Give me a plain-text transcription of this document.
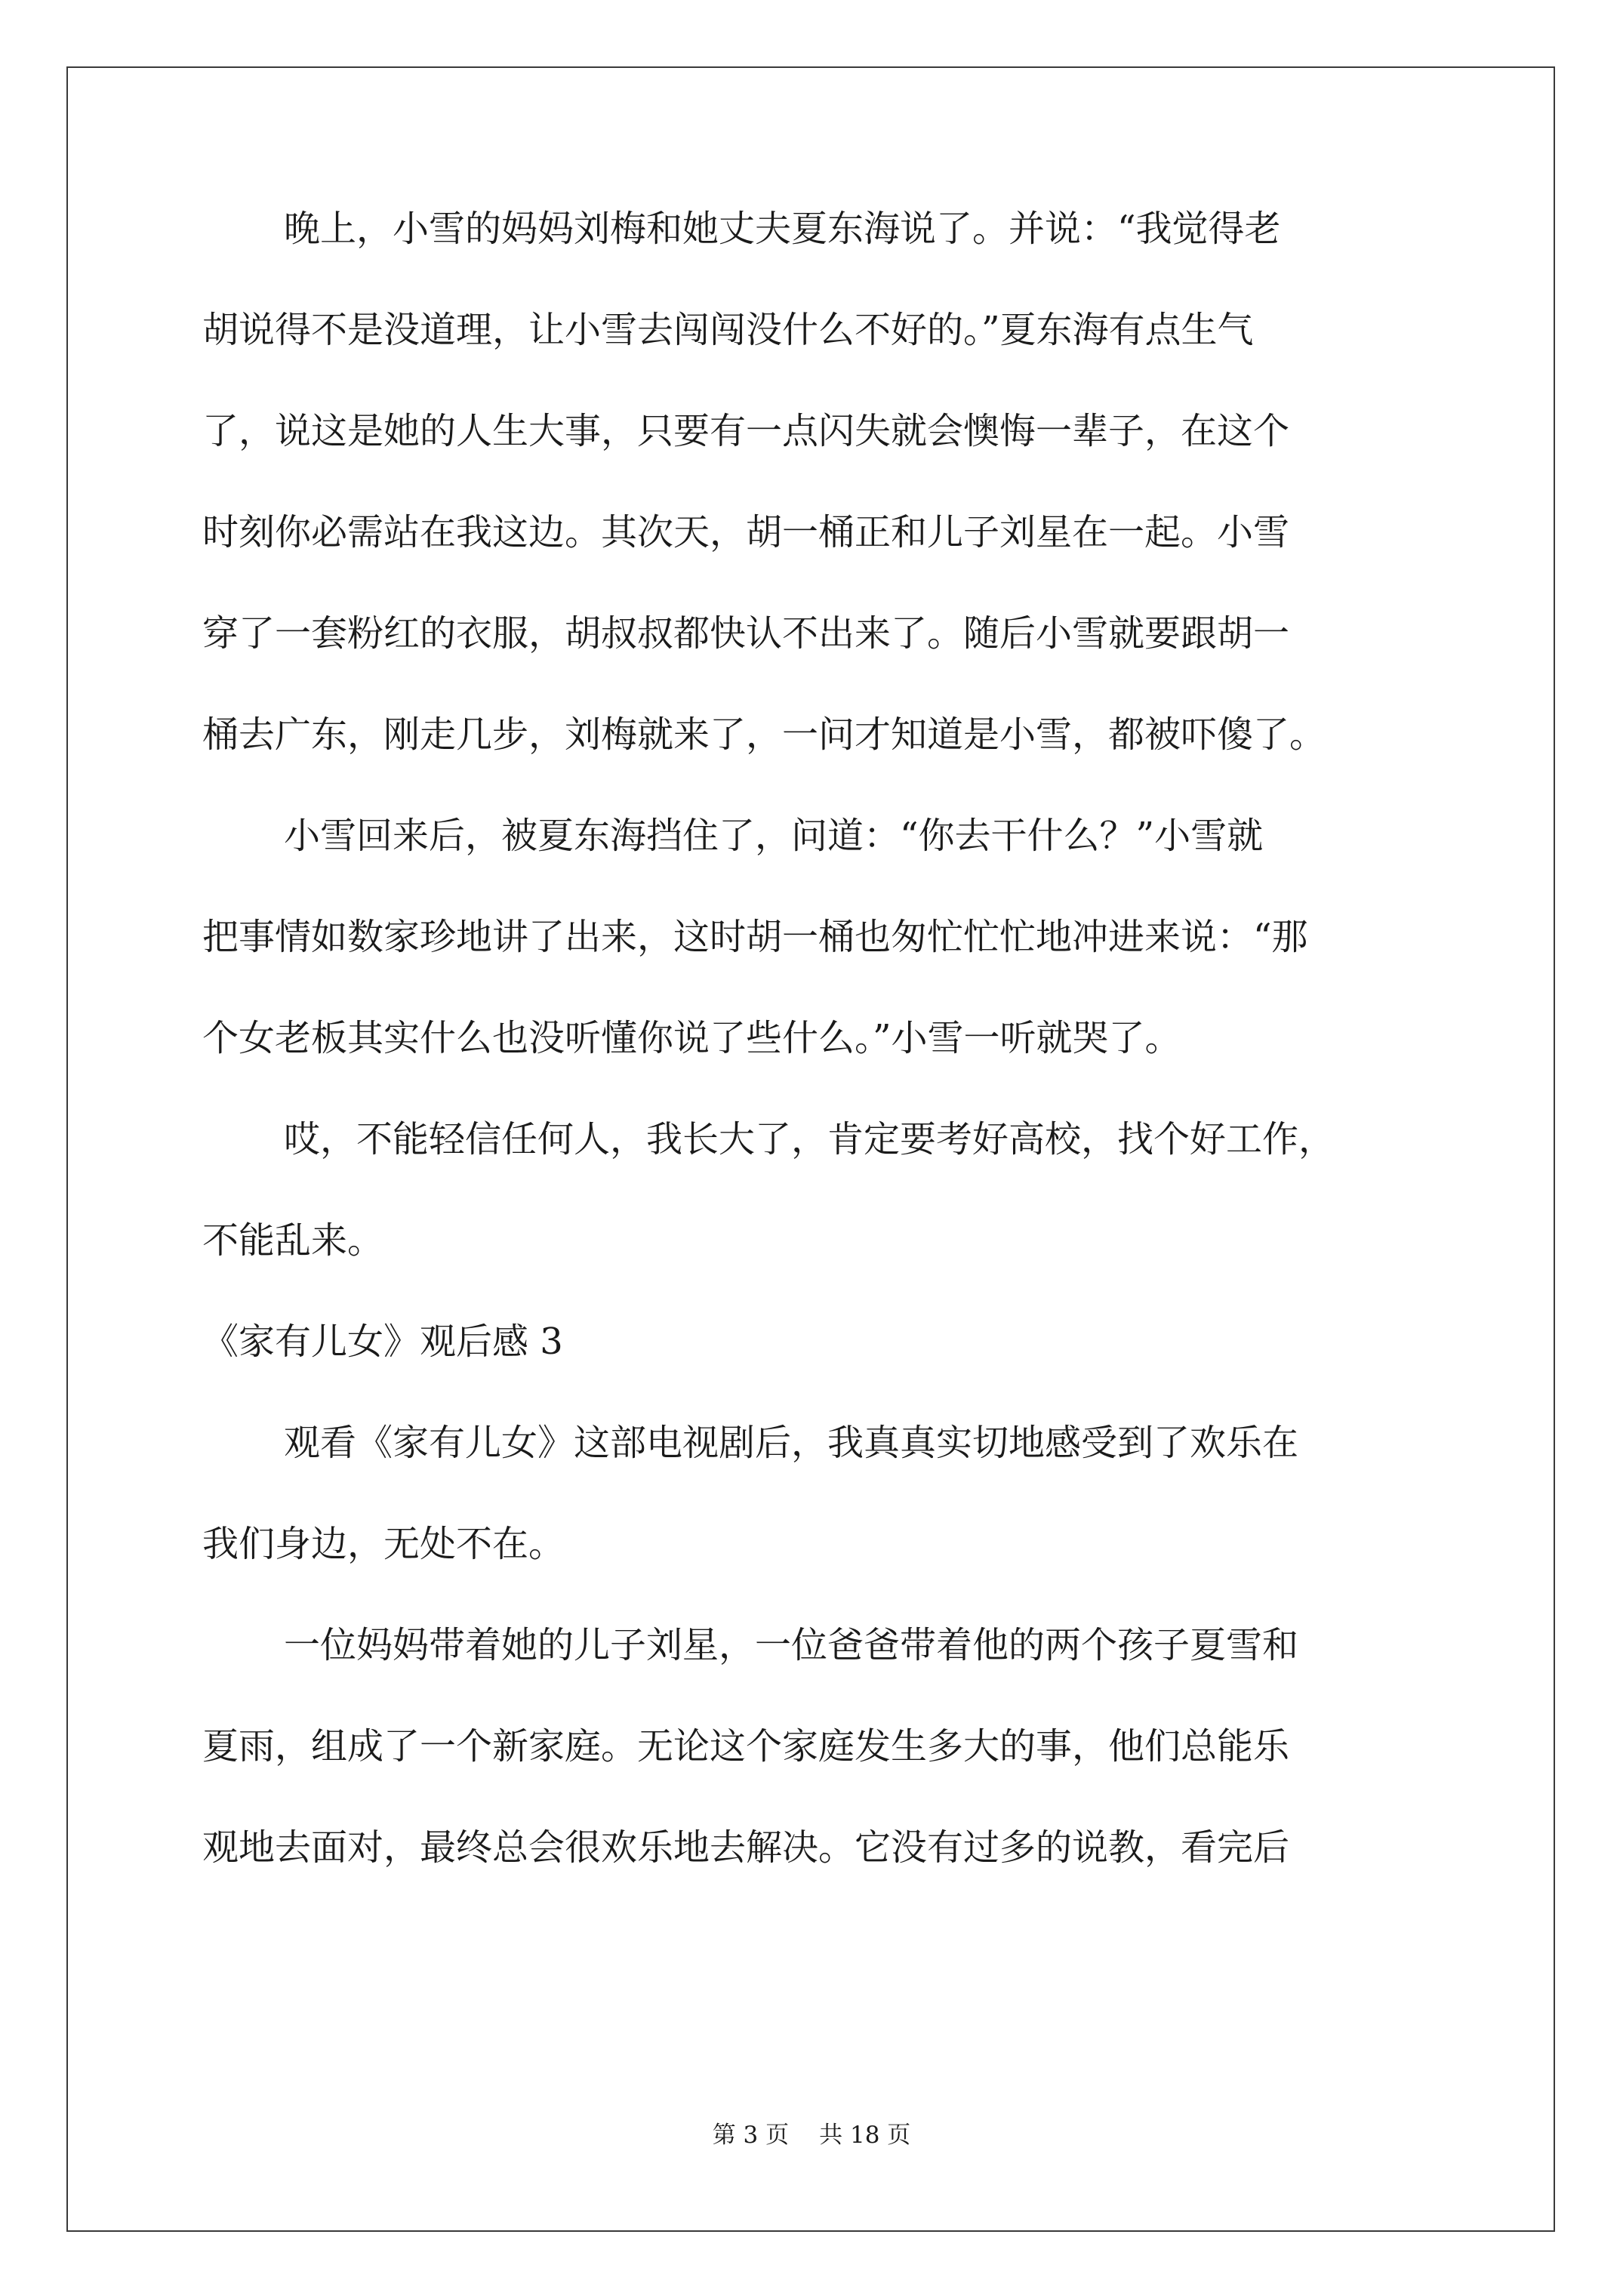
晚上，小雪的妈妈刘梅和她丈夫夏东海说了。并说：“我觉得老
胡说得不是没道理，让小雪去闯闯没什么不好的。”夏东海有点生气
了，说这是她的人生大事，只要有一点闪失就会懊悔一辈子，在这个
时刻你必需站在我这边。其次天，胡一桶正和儿子刘星在一起。小雪
穿了一套粉红的衣服，胡叔叔都快认不出来了。随后小雪就要跟胡一
桶去广东，刚走几步，刘梅就来了，一问才知道是小雪，都被吓傻了。
小雪回来后，被夏东海挡住了，问道：“你去干什么？”小雪就
把事情如数家珍地讲了出来，这时胡一桶也匆忙忙忙地冲进来说：“那
个女老板其实什么也没听懂你说了些什么。”小雪一听就哭了。
哎，不能轻信任何人，我长大了，肯定要考好高校，找个好工作，
不能乱来。
《家有儿女》观后感 3
观看《家有儿女》这部电视剧后，我真真实切地感受到了欢乐在
我们身边，无处不在。
一位妈妈带着她的儿子刘星，一位爸爸带着他的两个孩子夏雪和
夏雨，组成了一个新家庭。无论这个家庭发生多大的事，他们总能乐
观地去面对，最终总会很欢乐地去解决。它没有过多的说教，看完后
第 3 页 共 18 页
